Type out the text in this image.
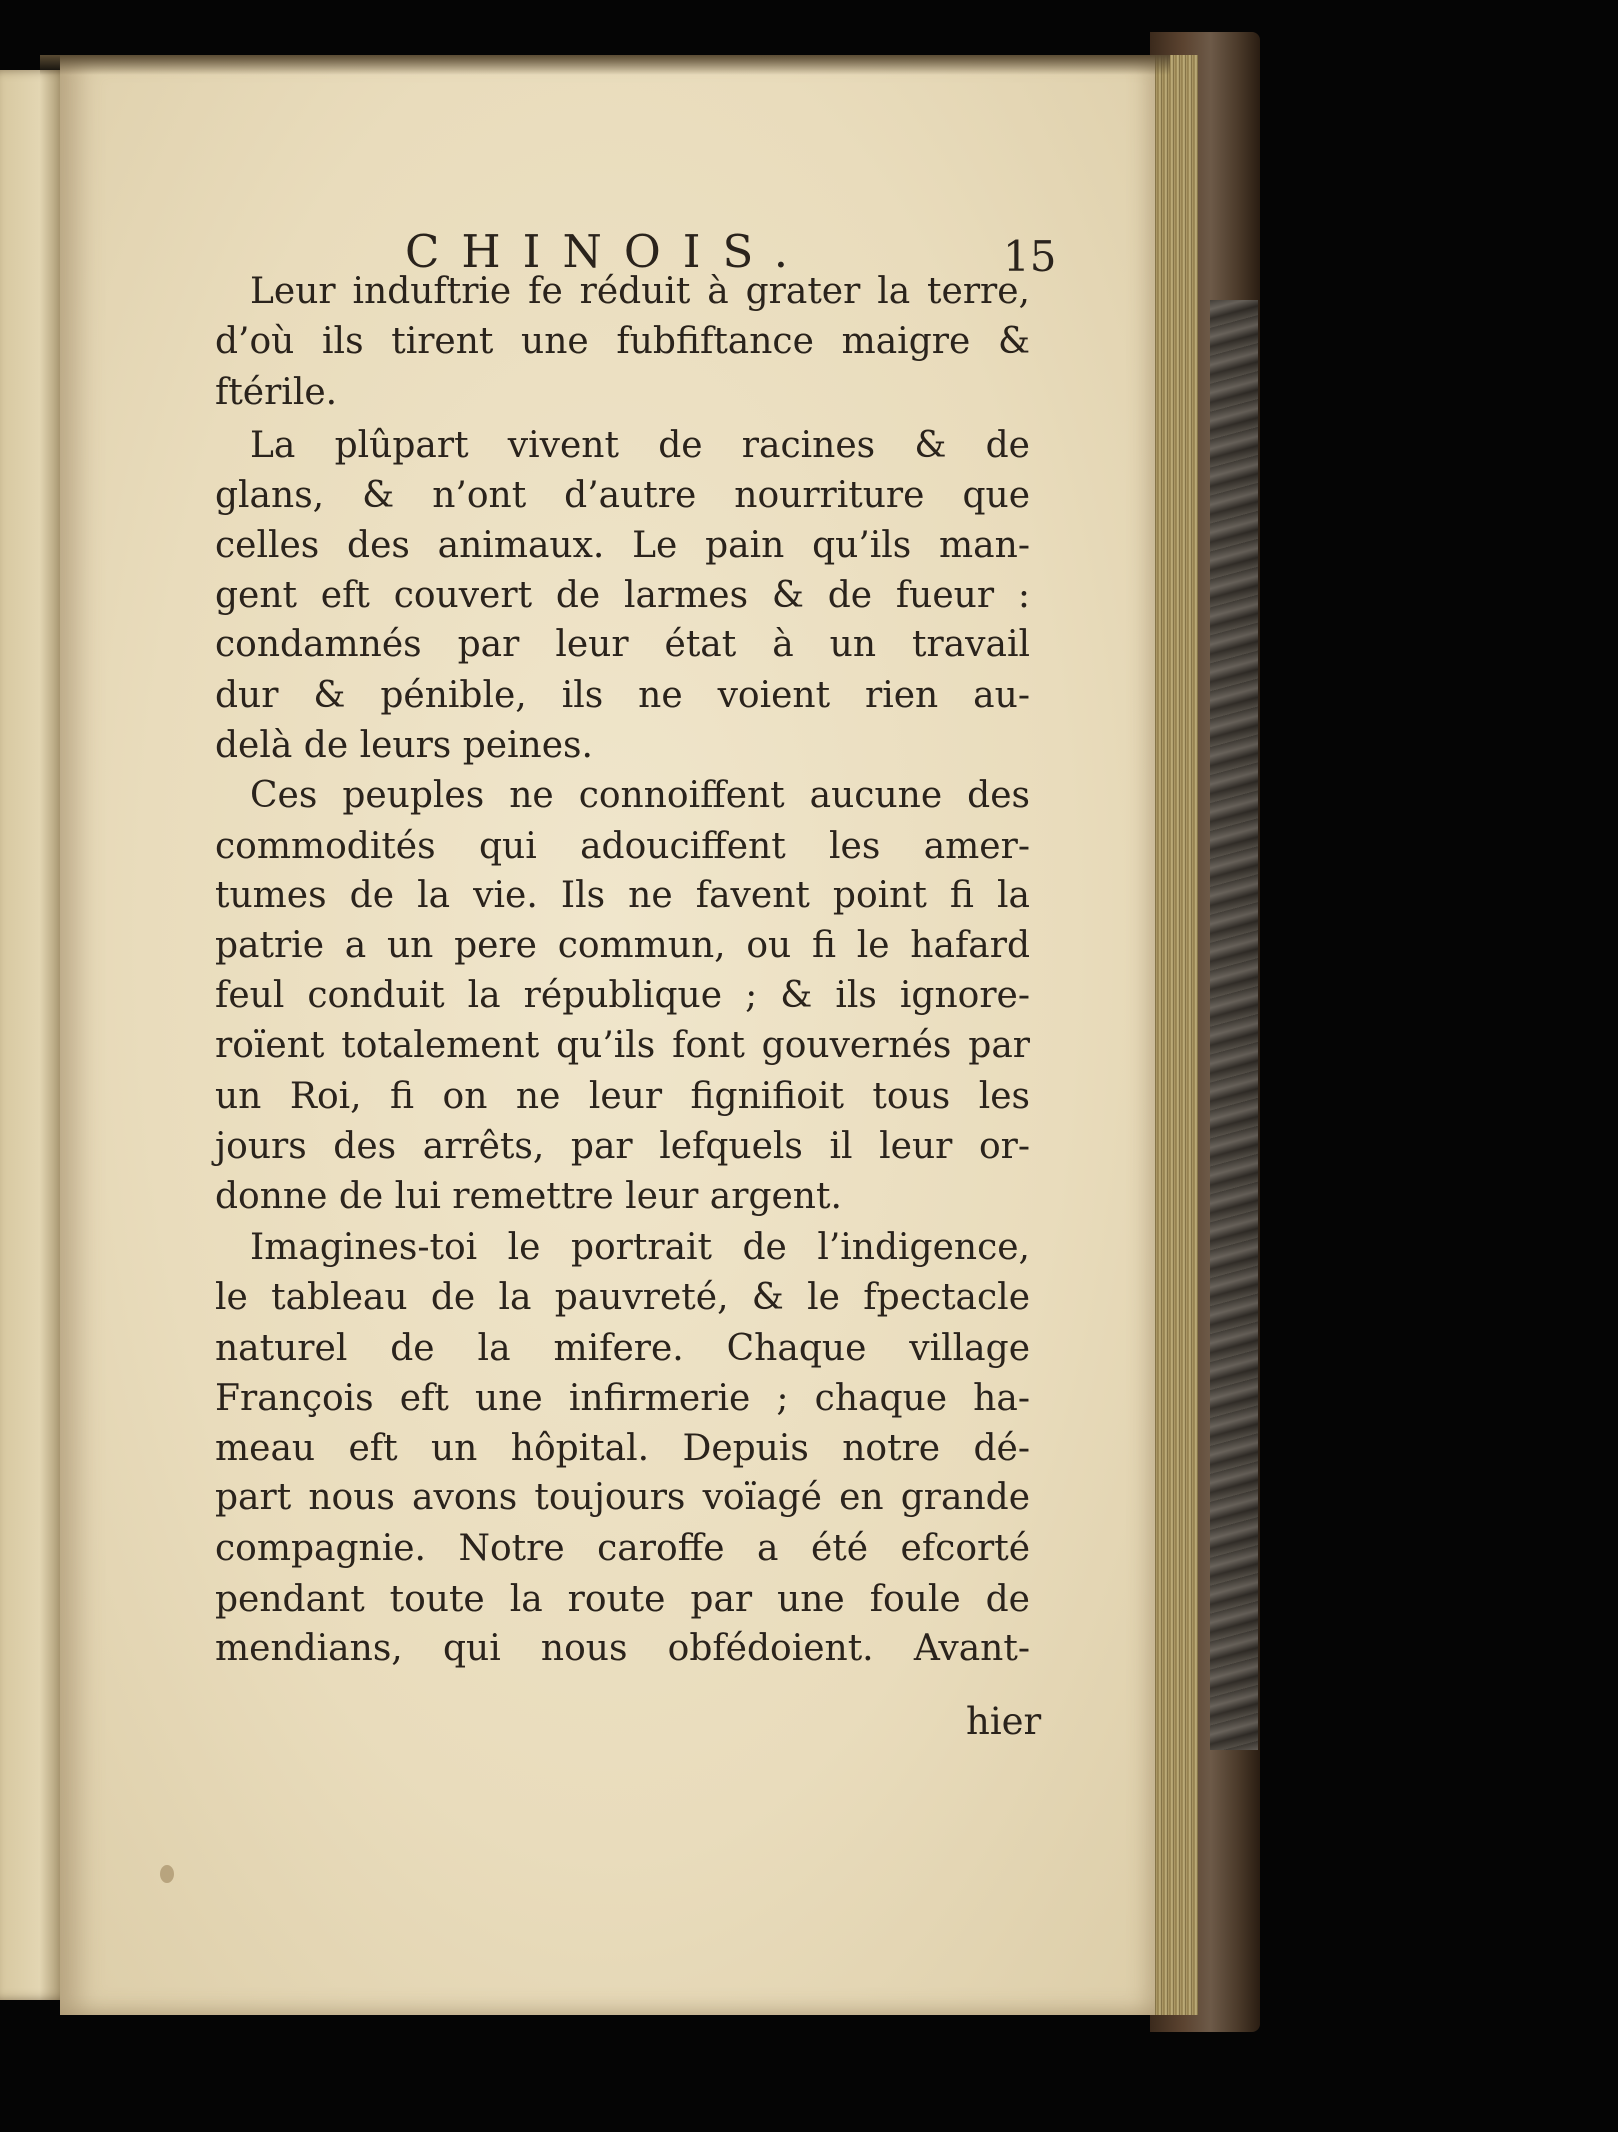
CHINOIS.	15
Leur induftrie fe réduit à grater la terre,
d’où ils tirent une fubfiftance maigre &
ftérile.
La plûpart vivent de racines & de
glans, & n’ont d’autre nourriture que
celles des animaux. Le pain qu’ils man-
gent eft couvert de larmes & de fueur :
condamnés par leur état à un travail
dur & pénible, ils ne voient rien au-
delà de leurs peines.
Ces peuples ne connoiffent aucune des
commodités qui adouciffent les amer-
tumes de la vie. Ils ne favent point fi la
patrie a un pere commun, ou fi le hafard
feul conduit la république ; & ils ignore-
roïent totalement qu’ils font gouvernés par
un Roi, fi on ne leur fignifioit tous les
jours des arrêts, par lefquels il leur or-
donne de lui remettre leur argent.
Imagines-toi le portrait de l’indigence,
le tableau de la pauvreté, & le fpectacle
naturel de la mifere. Chaque village
François eft une infirmerie ; chaque ha-
meau eft un hôpital. Depuis notre dé-
part nous avons toujours voïagé en grande
compagnie. Notre caroffe a été efcorté
pendant toute la route par une foule de
mendians, qui nous obfédoient. Avant-
hier
